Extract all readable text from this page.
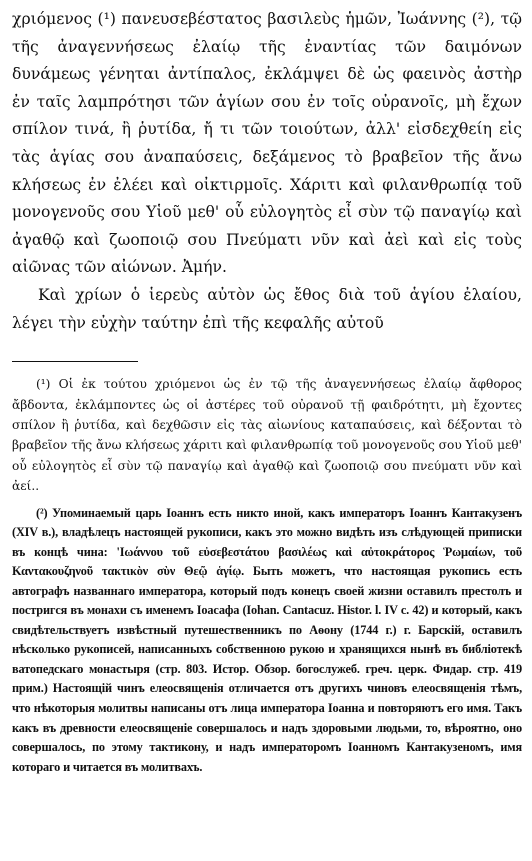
χριόμενος (¹) πανευσεβέστατος βασιλεὺς ἡμῶν, Ἰωάννης (²), τῷ τῆς ἀναγεννήσεως ἐλαίῳ τῆς ἐναντίας τῶν δαιμόνων δυνάμεως γένηται ἀντίπαλος, ἐκλάμψει δὲ ὡς φαεινὸς ἀστὴρ ἐν ταῖς λαμπρότησι τῶν ἁγίων σου ἐν τοῖς οὐρανοῖς, μὴ ἔχων σπίλον τινά, ἢ ῥυτίδα, ἤ τι τῶν τοιούτων, ἀλλ' εἰσδεχθείη εἰς τὰς ἁγίας σου ἀναπαύσεις, δεξάμενος τὸ βραβεῖον τῆς ἄνω κλήσεως ἐν ἐλέει καὶ οἰκτιρμοῖς. Χάριτι καὶ φιλανθρωπίᾳ τοῦ μονογενοῦς σου Υἱοῦ μεθ' οὗ εὐλογητὸς εἶ σὺν τῷ παναγίῳ καὶ ἀγαθῷ καὶ ζωοποιῷ σου Πνεύματι νῦν καὶ ἀεὶ καὶ εἰς τοὺς αἰῶνας τῶν αἰώνων. Ἀμήν.

Καὶ χρίων ὁ ἱερεὺς αὐτὸν ὡς ἔθος διὰ τοῦ ἁγίου ἐλαίου, λέγει τὴν εὐχὴν ταύτην ἐπὶ τῆς κεφαλῆς αὐτοῦ

(¹) Οἱ ἐκ τούτου χριόμενοι ὡς ἐν τῷ τῆς ἀναγεννήσεως ἐλαίῳ ἄφθορος ἄβδοντα, ἐκλάμποντες ὡς οἱ ἀστέρες τοῦ οὐρανοῦ τῇ φαιδρότητι, μὴ ἔχοντες σπίλον ἢ ῥυτίδα, καὶ δεχθῶσιν εἰς τὰς αἰωνίους καταπαύσεις, καὶ δέξονται τὸ βραβεῖον τῆς ἄνω κλήσεως χάριτι καὶ φιλανθρωπίᾳ τοῦ μονογενοῦς σου Υἱοῦ μεθ' οὗ εὐλογητὸς εἶ σὺν τῷ παναγίῳ καὶ ἀγαθῷ καὶ ζωοποιῷ σου πνεύματι νῦν καὶ ἀεί..

(²) Упоминаемый царь Іоаннъ есть никто иной, какъ императоръ Іоаннъ Кантакузенъ (XIV в.), владѣлецъ настоящей рукописи, какъ это можно видѣть изъ слѣдующей приписки въ концѣ чина: 'Ιωάννου τοῦ εὐσεβεστάτου βασιλέως καὶ αὐτοκράτορος Ῥωμαίων, τοῦ Καντακουζηνοῦ τακτικὸν σὺν Θεῷ ἁγίῳ. Быть можетъ, что настоящая рукопись есть автографъ названнаго императора, который подъ конецъ своей жизни оставилъ престолъ и постригся въ монахи съ именемъ Іоасафа (Iohan. Cantacuz. Histor. l. IV c. 42) и который, какъ свидѣтельствуетъ извѣстный путешественникъ по Аѳону (1744 г.) г. Барскій, оставилъ нѣсколько рукописей, написанныхъ собственною рукою и хранящихся нынѣ въ библіотекѣ ватопедскаго монастыря (стр. 803. Истор. Обзор. богослужеб. греч. церк. Фидар. стр. 419 прим.) Настоящій чинъ елеосвященія отличается отъ другихъ чиновъ елеосвященія тѣмъ, что нѣкоторыя молитвы написаны отъ лица императора Іоанна и повторяютъ его имя. Такъ какъ въ древности елеосвященіе совершалось и надъ здоровыми людьми, то, вѣроятно, оно совершалось, по этому тактикону, и надъ императоромъ Іоанномъ Кантакузеномъ, имя котораго и читается въ молитвахъ.
